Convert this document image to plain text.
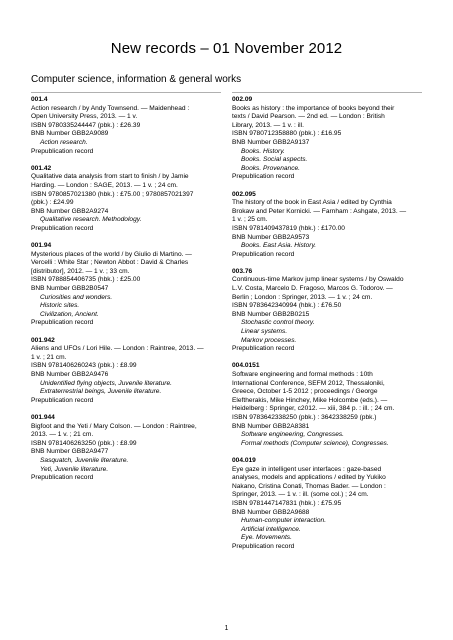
New records – 01 November 2012
Computer science, information & general works
001.4
Action research / by Andy Townsend. — Maidenhead :
Open University Press, 2013. — 1 v.
ISBN 9780335244447 (pbk.) : £26.39
BNB Number GBB2A9089
Action research.
Prepublication record
001.42
Qualitative data analysis from start to finish / by Jamie
Harding. — London : SAGE, 2013. — 1 v. ; 24 cm.
ISBN 9780857021380 (hbk.) : £75.00 ; 9780857021397
(pbk.) : £24.99
BNB Number GBB2A9274
Qualitative research. Methodology.
Prepublication record
001.94
Mysterious places of the world / by Giulio di Martino. —
Vercelli : White Star ; Newton Abbot : David & Charles
[distributor], 2012. — 1 v. ; 33 cm.
ISBN 9788854406735 (hbk.) : £25.00
BNB Number GBB2B0547
Curiosities and wonders.
Historic sites.
Civilization, Ancient.
Prepublication record
001.942
Aliens and UFOs / Lori Hile. — London : Raintree, 2013. —
1 v. ; 21 cm.
ISBN 9781406260243 (pbk.) : £8.99
BNB Number GBB2A9476
Unidentified flying objects, Juvenile literature.
Extraterrestrial beings, Juvenile literature.
Prepublication record
001.944
Bigfoot and the Yeti / Mary Colson. — London : Raintree,
2013. — 1 v. ; 21 cm.
ISBN 9781406263250 (pbk.) : £8.99
BNB Number GBB2A9477
Sasquatch, Juvenile literature.
Yeti, Juvenile literature.
Prepublication record
002.09
Books as history : the importance of books beyond their
texts / David Pearson. — 2nd ed. — London : British
Library, 2013. — 1 v. : ill.
ISBN 9780712358880 (pbk.) : £16.95
BNB Number GBB2A9137
Books. History.
Books. Social aspects.
Books. Provenance.
Prepublication record
002.095
The history of the book in East Asia / edited by Cynthia
Brokaw and Peter Kornicki. — Farnham : Ashgate, 2013. —
1 v. ; 25 cm.
ISBN 9781409437819 (hbk.) : £170.00
BNB Number GBB2A9573
Books. East Asia. History.
Prepublication record
003.76
Continuous-time Markov jump linear systems / by Oswaldo
L.V. Costa, Marcelo D. Fragoso, Marcos G. Todorov. —
Berlin ; London : Springer, 2013. — 1 v. ; 24 cm.
ISBN 9783642340994 (hbk.) : £76.50
BNB Number GBB2B0215
Stochastic control theory.
Linear systems.
Markov processes.
Prepublication record
004.0151
Software engineering and formal methods : 10th
International Conference, SEFM 2012, Thessaloniki,
Greece, October 1-5 2012 ; proceedings / George
Eleftherakis, Mike Hinchey, Mike Holcombe (eds.). —
Heidelberg : Springer, c2012. — xiii, 384 p. : ill. ; 24 cm.
ISBN 9783642338250 (pbk.) : 3642338259 (pbk.)
BNB Number GBB2A8381
Software engineering, Congresses.
Formal methods (Computer science), Congresses.
004.019
Eye gaze in intelligent user interfaces : gaze-based
analyses, models and applications / edited by Yukiko
Nakano, Cristina Conati, Thomas Bader. — London :
Springer, 2013. — 1 v. : ill. (some col.) ; 24 cm.
ISBN 9781447147831 (hbk.) : £75.95
BNB Number GBB2A9688
Human-computer interaction.
Artificial intelligence.
Eye. Movements.
Prepublication record
1
